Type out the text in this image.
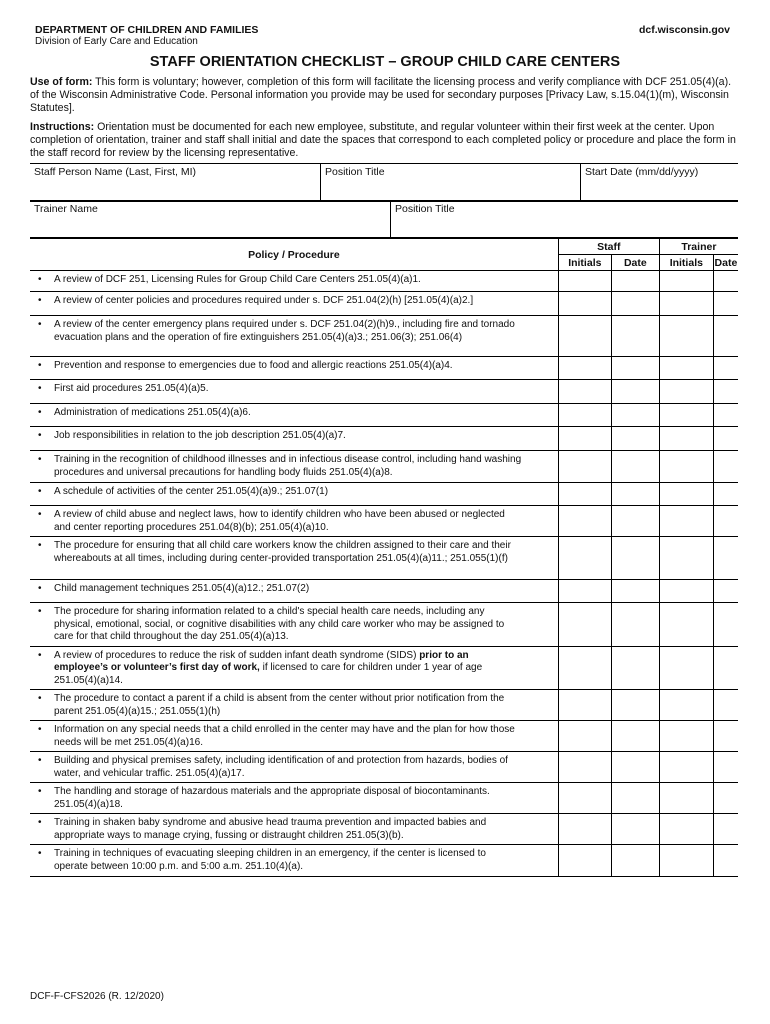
DEPARTMENT OF CHILDREN AND FAMILIES
Division of Early Care and Education
dcf.wisconsin.gov
STAFF ORIENTATION CHECKLIST – GROUP CHILD CARE CENTERS
Use of form: This form is voluntary; however, completion of this form will facilitate the licensing process and verify compliance with DCF 251.05(4)(a). of the Wisconsin Administrative Code. Personal information you provide may be used for secondary purposes [Privacy Law, s.15.04(1)(m), Wisconsin Statutes].
Instructions: Orientation must be documented for each new employee, substitute, and regular volunteer within their first week at the center. Upon completion of orientation, trainer and staff shall initial and date the spaces that correspond to each completed policy or procedure and place the form in the staff record for review by the licensing representative.
Staff Person Name (Last, First, MI)	Position Title	Start Date (mm/dd/yyyy)
Trainer Name	Position Title
Policy / Procedure	Staff		Trainer	
	Initials	Date	Initials	Date
• A review of DCF 251, Licensing Rules for Group Child Care Centers 251.05(4)(a)1.				
• A review of center policies and procedures required under s. DCF 251.04(2)(h) [251.05(4)(a)2.]				
• A review of the center emergency plans required under s. DCF 251.04(2)(h)9., including fire and tornado evacuation plans and the operation of fire extinguishers 251.05(4)(a)3.; 251.06(3); 251.06(4)				
• Prevention and response to emergencies due to food and allergic reactions 251.05(4)(a)4.				
• First aid procedures 251.05(4)(a)5.				
• Administration of medications 251.05(4)(a)6.				
• Job responsibilities in relation to the job description 251.05(4)(a)7.				
• Training in the recognition of childhood illnesses and in infectious disease control, including hand washing procedures and universal precautions for handling body fluids 251.05(4)(a)8.				
• A schedule of activities of the center 251.05(4)(a)9.; 251.07(1)				
• A review of child abuse and neglect laws, how to identify children who have been abused or neglected and center reporting procedures 251.04(8)(b); 251.05(4)(a)10.				
• The procedure for ensuring that all child care workers know the children assigned to their care and their whereabouts at all times, including during center-provided transportation 251.05(4)(a)11.; 251.055(1)(f)				
• Child management techniques 251.05(4)(a)12.; 251.07(2)				
• The procedure for sharing information related to a child's special health care needs, including any physical, emotional, social, or cognitive disabilities with any child care worker who may be assigned to care for that child throughout the day 251.05(4)(a)13.				
• A review of procedures to reduce the risk of sudden infant death syndrome (SIDS) prior to an employee’s or volunteer’s first day of work, if licensed to care for children under 1 year of age 251.05(4)(a)14.				
• The procedure to contact a parent if a child is absent from the center without prior notification from the parent 251.05(4)(a)15.; 251.055(1)(h)				
• Information on any special needs that a child enrolled in the center may have and the plan for how those needs will be met 251.05(4)(a)16.				
• Building and physical premises safety, including identification of and protection from hazards, bodies of water, and vehicular traffic. 251.05(4)(a)17.				
• The handling and storage of hazardous materials and the appropriate disposal of biocontaminants. 251.05(4)(a)18.				
• Training in shaken baby syndrome and abusive head trauma prevention and impacted babies and appropriate ways to manage crying, fussing or distraught children 251.05(3)(b).				
• Training in techniques of evacuating sleeping children in an emergency, if the center is licensed to operate between 10:00 p.m. and 5:00 a.m. 251.10(4)(a).				
DCF-F-CFS2026 (R. 12/2020)
